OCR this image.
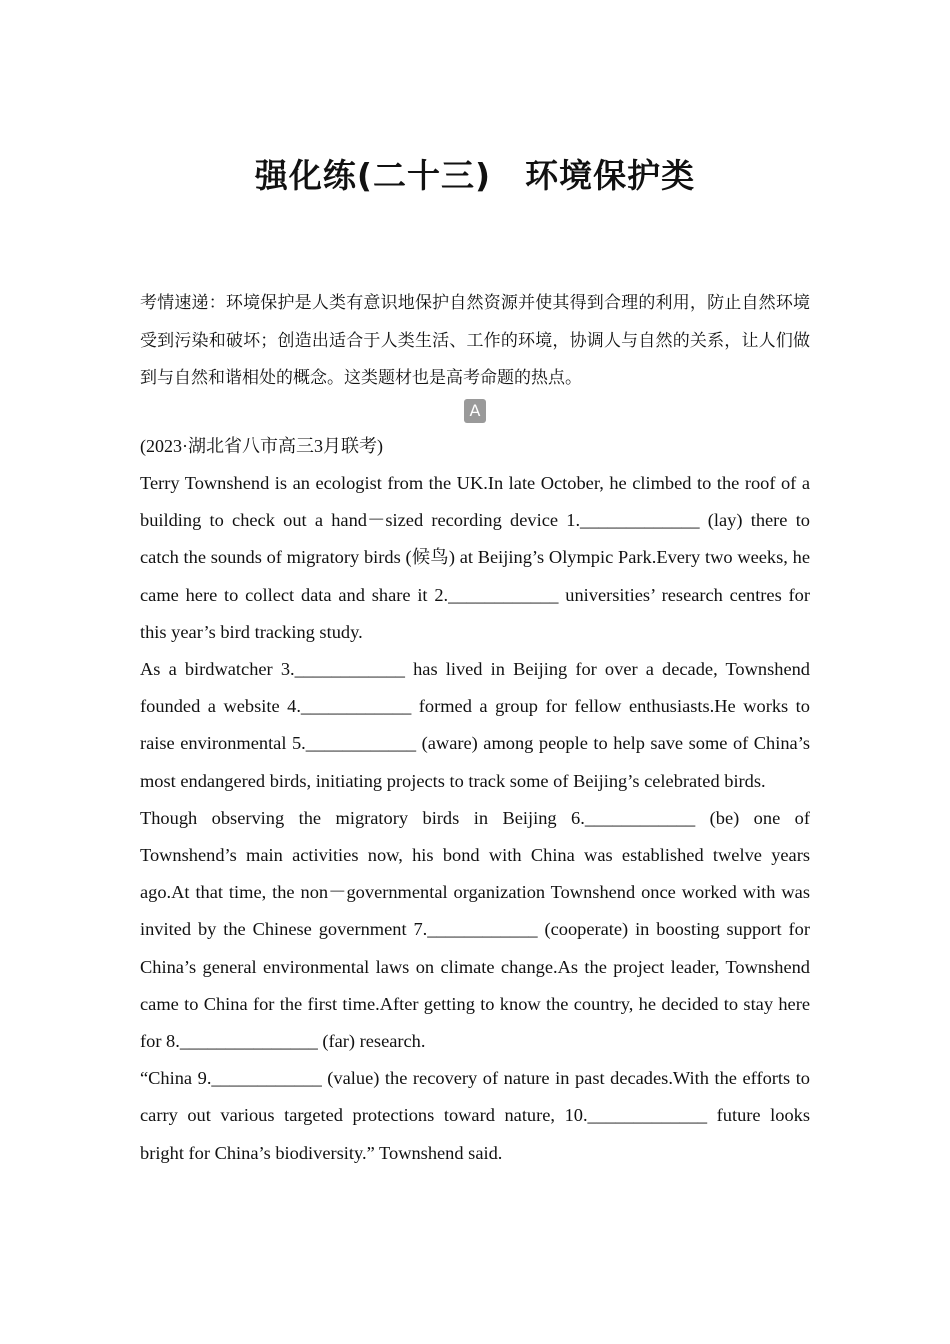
强化练(二十三)　环境保护类

考情速递：环境保护是人类有意识地保护自然资源并使其得到合理的利用，防止自然环境受到污染和破坏；创造出适合于人类生活、工作的环境，协调人与自然的关系，让人们做到与自然和谐相处的概念。这类题材也是高考命题的热点。

A

(2023·湖北省八市高三3月联考)

Terry Townshend is an ecologist from the UK.In late October, he climbed to the roof of a building to check out a hand－sized recording device 1._____________ (lay) there to catch the sounds of migratory birds (候鸟) at Beijing’s Olympic Park.Every two weeks, he came here to collect data and share it 2.____________ universities’ research centres for this year’s bird tracking study.

As a birdwatcher 3.____________ has lived in Beijing for over a decade, Townshend founded a website 4.____________ formed a group for fellow enthusiasts.He works to raise environmental 5.____________ (aware) among people to help save some of China’s most endangered birds, initiating projects to track some of Beijing’s celebrated birds.

Though observing the migratory birds in Beijing 6.____________ (be) one of Townshend’s main activities now, his bond with China was established twelve years ago.At that time, the non－governmental organization Townshend once worked with was invited by the Chinese government 7.____________ (cooperate) in boosting support for China’s general environmental laws on climate change.As the project leader, Townshend came to China for the first time.After getting to know the country, he decided to stay here for 8._______________ (far) research.

“China 9.____________ (value) the recovery of nature in past decades.With the efforts to carry out various targeted protections toward nature, 10._____________ future looks bright for China’s biodiversity.” Townshend said.
